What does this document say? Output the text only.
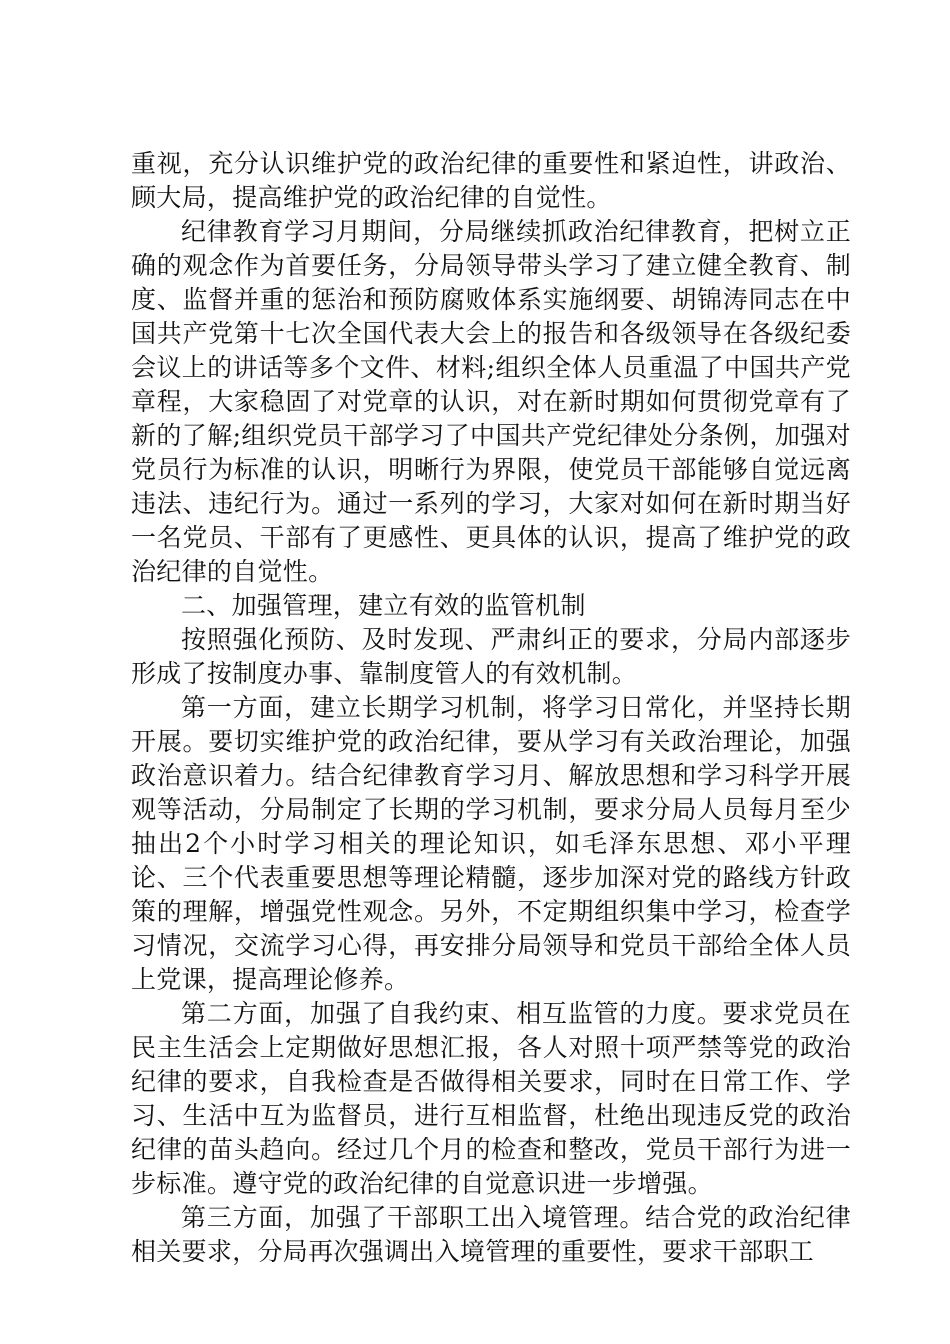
重视，充分认识维护党的政治纪律的重要性和紧迫性，讲政治、顾大局，提高维护党的政治纪律的自觉性。

纪律教育学习月期间，分局继续抓政治纪律教育，把树立正确的观念作为首要任务，分局领导带头学习了建立健全教育、制度、监督并重的惩治和预防腐败体系实施纲要、胡锦涛同志在中国共产党第十七次全国代表大会上的报告和各级领导在各级纪委会议上的讲话等多个文件、材料;组织全体人员重温了中国共产党章程，大家稳固了对党章的认识，对在新时期如何贯彻党章有了新的了解;组织党员干部学习了中国共产党纪律处分条例，加强对党员行为标准的认识，明晰行为界限，使党员干部能够自觉远离违法、违纪行为。通过一系列的学习，大家对如何在新时期当好一名党员、干部有了更感性、更具体的认识，提高了维护党的政治纪律的自觉性。

二、加强管理，建立有效的监管机制

按照强化预防、及时发现、严肃纠正的要求，分局内部逐步形成了按制度办事、靠制度管人的有效机制。

第一方面，建立长期学习机制，将学习日常化，并坚持长期开展。要切实维护党的政治纪律，要从学习有关政治理论，加强政治意识着力。结合纪律教育学习月、解放思想和学习科学开展观等活动，分局制定了长期的学习机制，要求分局人员每月至少抽出2个小时学习相关的理论知识，如毛泽东思想、邓小平理论、三个代表重要思想等理论精髓，逐步加深对党的路线方针政策的理解，增强党性观念。另外，不定期组织集中学习，检查学习情况，交流学习心得，再安排分局领导和党员干部给全体人员上党课，提高理论修养。

第二方面，加强了自我约束、相互监管的力度。要求党员在民主生活会上定期做好思想汇报，各人对照十项严禁等党的政治纪律的要求，自我检查是否做得相关要求，同时在日常工作、学习、生活中互为监督员，进行互相监督，杜绝出现违反党的政治纪律的苗头趋向。经过几个月的检查和整改，党员干部行为进一步标准。遵守党的政治纪律的自觉意识进一步增强。

第三方面，加强了干部职工出入境管理。结合党的政治纪律相关要求，分局再次强调出入境管理的重要性，要求干部职工
